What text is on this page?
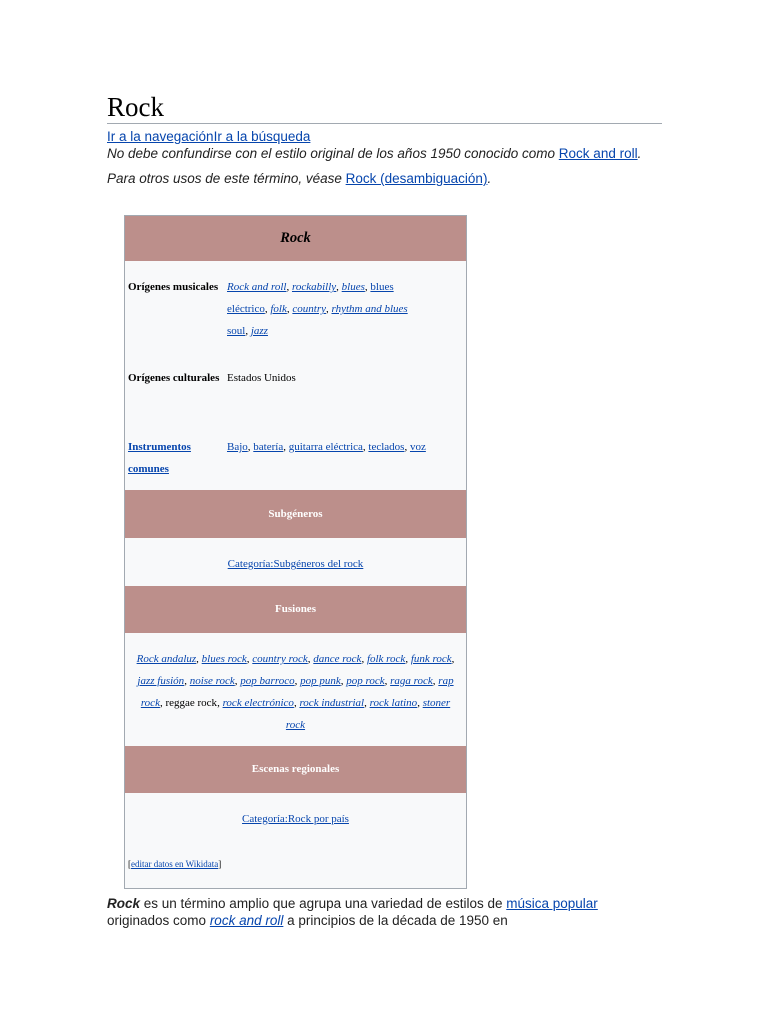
Rock
Ir a la navegaciónIr a la búsqueda
No debe confundirse con el estilo original de los años 1950 conocido como Rock and roll.
Para otros usos de este término, véase Rock (desambiguación).
Rock
Orígenes musicales Rock and roll, rockabilly, blues, blues eléctrico, folk, country, rhythm and blues soul, jazz
Orígenes culturales Estados Unidos
Instrumentos comunes
Bajo, batería, guitarra eléctrica, teclados, voz
Subgéneros
Categoría:Subgéneros del rock
Fusiones
Rock andaluz, blues rock, country rock, dance rock, folk rock, funk rock, jazz fusión, noise rock, pop barroco, pop punk, pop rock, raga rock, rap rock, reggae rock, rock electrónico, rock industrial, rock latino, stoner rock
Escenas regionales
Categoría:Rock por país
[editar datos en Wikidata]
Rock es un término amplio que agrupa una variedad de estilos de música popular originados como rock and roll a principios de la década de 1950 en
